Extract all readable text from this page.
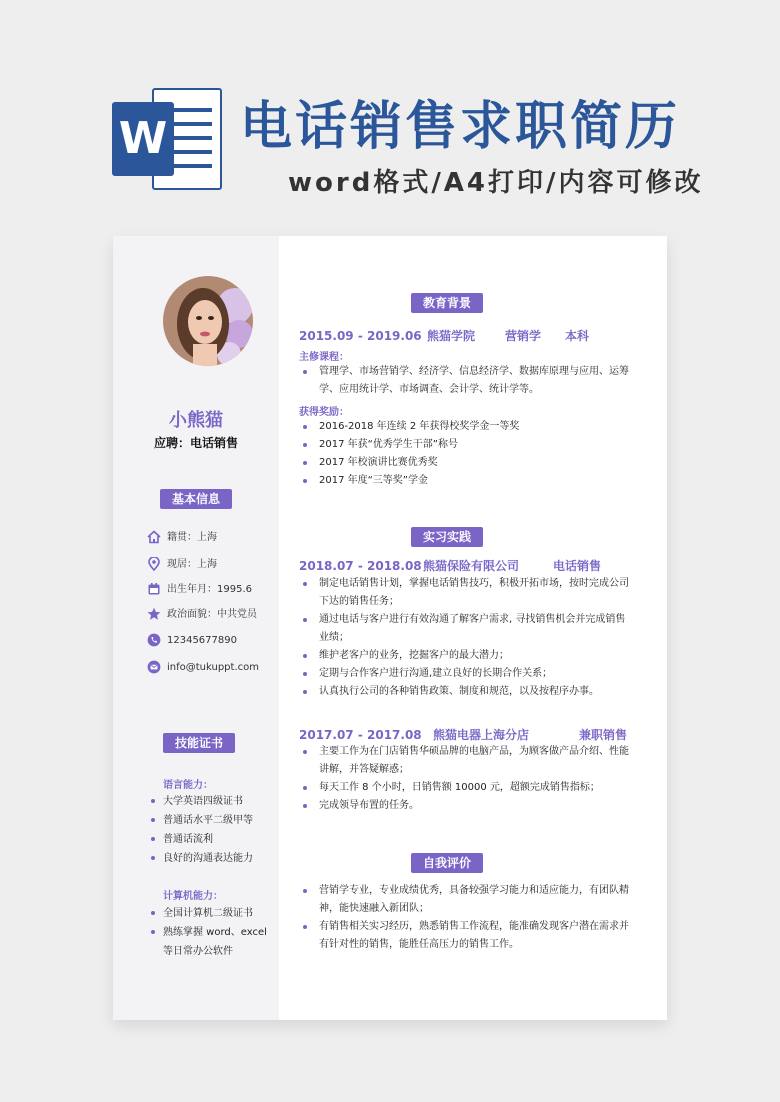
W 电话销售求职简历
word格式/A4打印/内容可修改
小熊猫
应聘：电话销售
基本信息
籍贯：上海
现居：上海
出生年月：1995.6
政治面貌：中共党员
12345677890
info@tukuppt.com
技能证书
语言能力：
大学英语四级证书
普通话水平二级甲等
普通话流利
良好的沟通表达能力
计算机能力：
全国计算机二级证书
熟练掌握 word、excel 等日常办公软件
教育背景
2015.09 - 2019.06 熊猫学院 营销学 本科
主修课程：
管理学、市场营销学、经济学、信息经济学、数据库原理与应用、运筹学、应用统计学、市场调查、会计学、统计学等。
获得奖励：
2016-2018 年连续 2 年获得校奖学金一等奖
2017 年获“优秀学生干部”称号
2017 年校演讲比赛优秀奖
2017 年度“三等奖”学金
实习实践
2018.07 - 2018.08熊猫保险有限公司	电话销售
制定电话销售计划，掌握电话销售技巧，积极开拓市场，按时完成公司下达的销售任务；
通过电话与客户进行有效沟通了解客户需求, 寻找销售机会并完成销售业绩；
维护老客户的业务，挖掘客户的最大潜力；
定期与合作客户进行沟通,建立良好的长期合作关系；
认真执行公司的各种销售政策、制度和规范，以及按程序办事。
2017.07 - 2017.08 熊猫电器上海分店	兼职销售
主要工作为在门店销售华硕品牌的电脑产品，为顾客做产品介绍、性能讲解，并答疑解惑；
每天工作 8 个小时，日销售额 10000 元，超额完成销售指标；
完成领导布置的任务。
自我评价
营销学专业，专业成绩优秀，具备较强学习能力和适应能力，有团队精神，能快速融入新团队；
有销售相关实习经历，熟悉销售工作流程，能准确发现客户潜在需求并有针对性的销售，能胜任高压力的销售工作。
